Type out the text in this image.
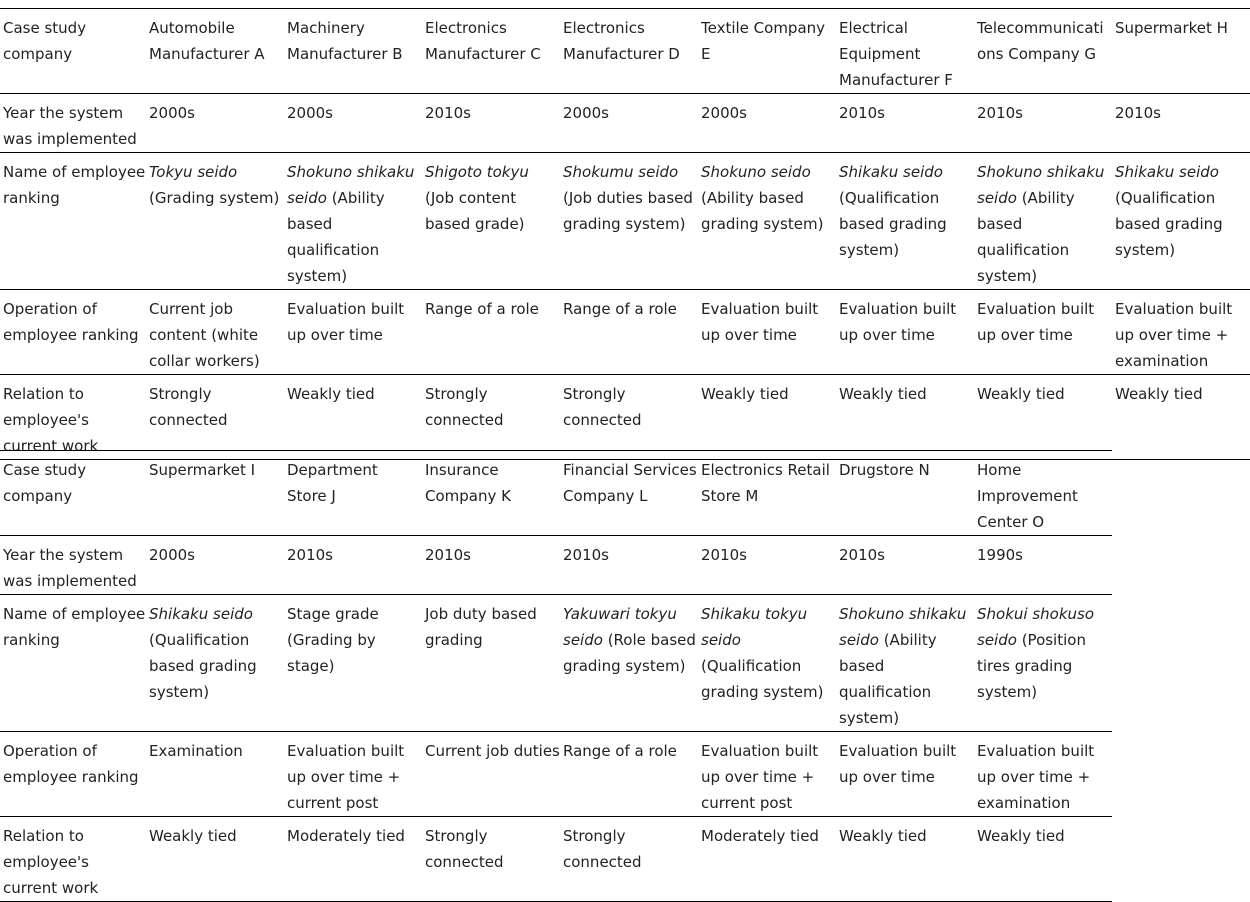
Case study company	Automobile Manufacturer A	Machinery Manufacturer B	Electronics Manufacturer C	Electronics Manufacturer D	Textile Company E	Electrical Equipment Manufacturer F	Telecommunications Company G	Supermarket H
Year the system was implemented	2000s	2000s	2010s	2000s	2000s	2010s	2010s	2010s
Name of employee ranking	Tokyu seido (Grading system)	Shokuno shikaku seido (Ability based qualification system)	Shigoto tokyu (Job content based grade)	Shokumu seido (Job duties based grading system)	Shokuno seido (Ability based grading system)	Shikaku seido (Qualification based grading system)	Shokuno shikaku seido (Ability based qualification system)	Shikaku seido (Qualification based grading system)
Operation of employee ranking	Current job content (white collar workers)	Evaluation built up over time	Range of a role	Range of a role	Evaluation built up over time	Evaluation built up over time	Evaluation built up over time	Evaluation built up over time + examination
Relation to employee's current work	Strongly connected	Weakly tied	Strongly connected	Strongly connected	Weakly tied	Weakly tied	Weakly tied	Weakly tied
Case study company	Supermarket I	Department Store J	Insurance Company K	Financial Services Company L	Electronics Retail Store M	Drugstore N	Home Improvement Center O
Year the system was implemented	2000s	2010s	2010s	2010s	2010s	2010s	1990s
Name of employee ranking	Shikaku seido (Qualification based grading system)	Stage grade (Grading by stage)	Job duty based grading	Yakuwari tokyu seido (Role based grading system)	Shikaku tokyu seido (Qualification grading system)	Shokuno shikaku seido (Ability based qualification system)	Shokui shokuso seido (Position tires grading system)
Operation of employee ranking	Examination	Evaluation built up over time + current post	Current job duties	Range of a role	Evaluation built up over time + current post	Evaluation built up over time	Evaluation built up over time + examination
Relation to employee's current work	Weakly tied	Moderately tied	Strongly connected	Strongly connected	Moderately tied	Weakly tied	Weakly tied
